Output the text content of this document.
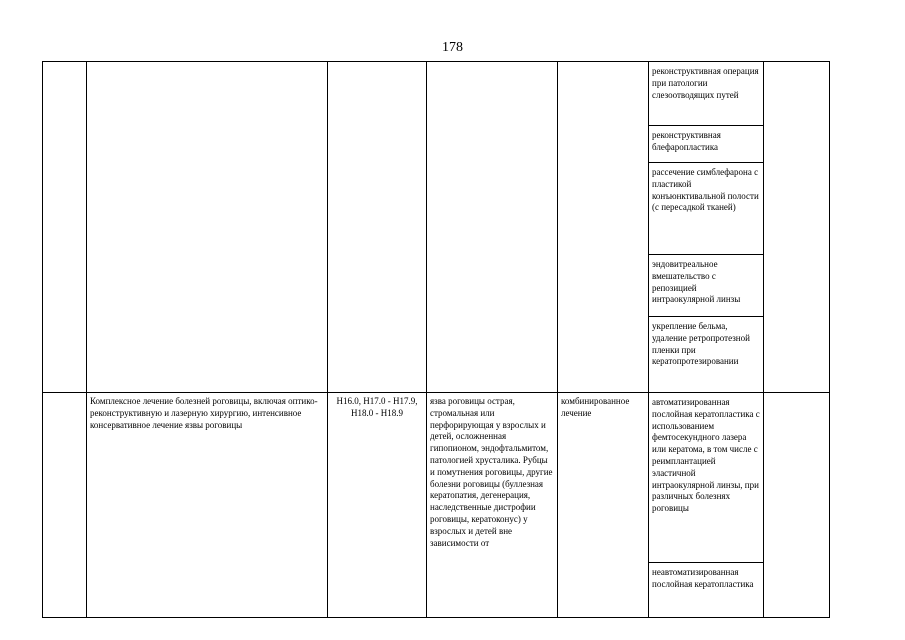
178
					реконструктивная операция при патологии слезоотводящих путей	
					реконструктивная блефаропластика	
					рассечение симблефарона с пластикой конъюнктивальной полости (с пересадкой тканей)	
					эндовитреальное вмешательство с репозицией интраокулярной линзы	
					укрепление бельма, удаление ретропротезной пленки при кератопротезировании	
	Комплексное лечение болезней роговицы, включая оптико-реконструктивную и лазерную хирургию, интенсивное консервативное лечение язвы роговицы	H16.0, H17.0 - H17.9, H18.0 - H18.9	язва роговицы острая, стромальная или перфорирующая у взрослых и детей, осложненная гипопионом, эндофтальмитом, патологией хрусталика. Рубцы и помутнения роговицы, другие болезни роговицы (буллезная кератопатия, дегенерация, наследственные дистрофии роговицы, кератоконус) у взрослых и детей вне зависимости от	комбинированное лечение	автоматизированная послойная кератопластика с использованием фемтосекундного лазера или кератома, в том числе с реимплантацией эластичной интраокулярной линзы, при различных болезнях роговицы	
					неавтоматизированная послойная кератопластика	
